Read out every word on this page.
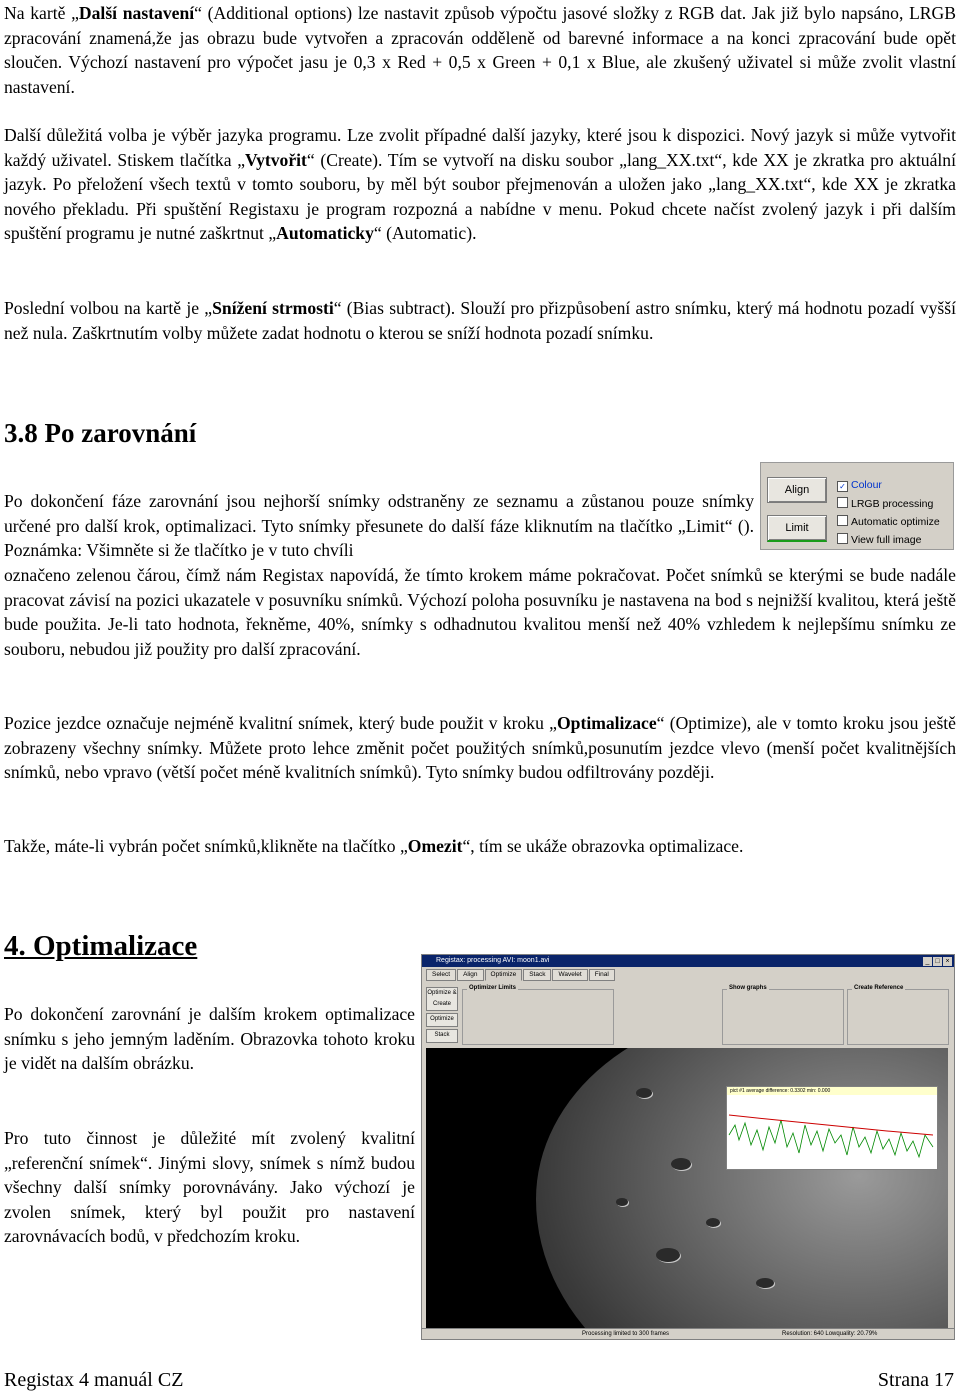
Na kartě „Další nastavení“ (Additional options) lze nastavit způsob výpočtu jasové složky z RGB dat. Jak již bylo napsáno, LRGB zpracování znamená,že jas obrazu bude vytvořen a zpracován odděleně od barevné informace a na konci zpracování bude opět sloučen. Výchozí nastavení pro výpočet jasu je 0,3 x Red + 0,5 x Green + 0,1 x Blue, ale zkušený uživatel si může zvolit vlastní nastavení.
Další důležitá volba je výběr jazyka programu. Lze zvolit případné další jazyky, které jsou k dispozici. Nový jazyk si může vytvořit každý uživatel. Stiskem tlačítka „Vytvořit“ (Create). Tím se vytvoří na disku soubor „lang_XX.txt“, kde XX je zkratka pro aktuální jazyk. Po přeložení všech textů v tomto souboru, by měl být soubor přejmenován a uložen jako „lang_XX.txt“, kde XX je zkratka nového překladu. Při spuštění Registaxu je program rozpozná a nabídne v menu. Pokud chcete načíst zvolený jazyk i při dalším spuštění programu je nutné zaškrtnut „Automaticky“ (Automatic).
Poslední volbou na kartě je „Snížení strmosti“ (Bias subtract). Slouží pro přizpůsobení astro snímku, který má hodnotu pozadí vyšší než nula. Zaškrtnutím volby můžete zadat hodnotu o kterou se sníží hodnota pozadí snímku.
3.8 Po zarovnání
Po dokončení fáze zarovnání jsou nejhorší snímky odstraněny ze seznamu a zůstanou pouze snímky určené pro další krok, optimalizaci. Tyto snímky přesunete do další fáze kliknutím na tlačítko „Limit“ (). Poznámka: Všimněte si že tlačítko je v tuto chvíli
označeno zelenou čárou, čímž nám Registax napovídá, že tímto krokem máme pokračovat. Počet snímků se kterými se bude nadále pracovat závisí na pozici ukazatele v posuvníku snímků. Výchozí poloha posuvníku je nastavena na bod s nejnižší kvalitou, která ještě bude použita. Je-li tato hodnota, řekněme, 40%, snímky s odhadnutou kvalitou menší než 40% vzhledem k nejlepšímu snímku ze souboru, nebudou již použity pro další zpracování.
Align
Limit
✓ Colour
LRGB processing
Automatic optimize
View full image
Pozice jezdce označuje nejméně kvalitní snímek, který bude použit v kroku „Optimalizace“ (Optimize), ale v tomto kroku jsou ještě zobrazeny všechny snímky. Můžete proto lehce změnit počet použitých snímků,posunutím jezdce vlevo (menší počet kvalitnějších snímků, nebo vpravo (větší počet méně kvalitních snímků). Tyto snímky budou odfiltrovány později.
Takže, máte-li vybrán počet snímků,klikněte na tlačítko „Omezit“, tím se ukáže obrazovka optimalizace.
4. Optimalizace
Po dokončení zarovnání je dalším krokem optimalizace snímku s jeho jemným laděním. Obrazovka tohoto kroku je vidět na dalším obrázku.
Pro tuto činnost je důležité mít zvolený kvalitní „referenční snímek“. Jinými slovy, snímek s nímž budou všechny další snímky porovnávány. Jako výchozí je zvolen snímek, který byl použit pro nastavení zarovnávacích bodů, v předchozím kroku.
Registax: processing AVI: moon1.avi	_ □ ×
Select Align Optimize Stack Wavelet Final
Optimize & Create
Optimize
Stack
Optimizer Limits	Show graphs	Create Reference
pict #1 average difference: 0.3302 min: 0.000
Processing limited to 300 frames	Resolution: 640 Lowquality: 20.79%
Registax 4 manuál CZ	Strana 17
